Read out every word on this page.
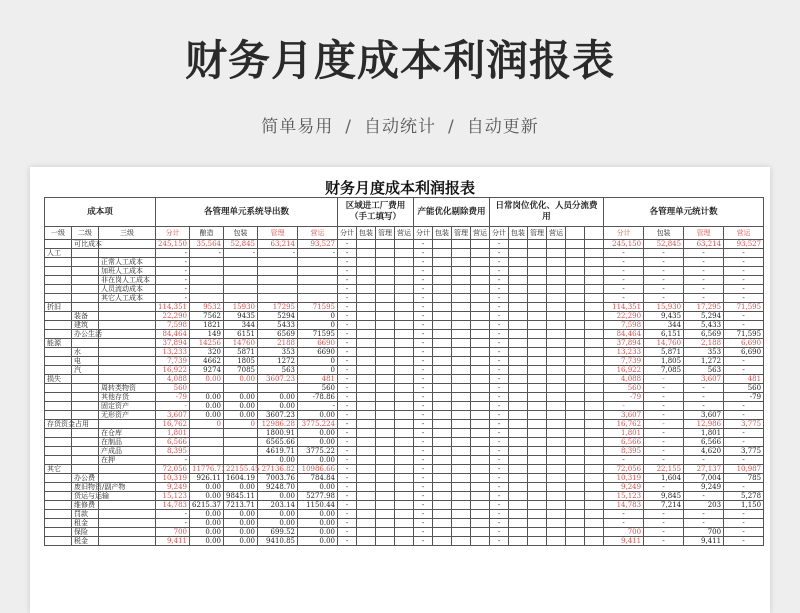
财务月度成本利润报表
简单易用 / 自动统计 / 自动更新
财务月度成本利润报表
成本项			各管理单元系统导出数					区域进工厂费用（手工填写）				产能优化剔除费用				日常岗位优化、人员分流费用						各管理单元统计数			
一级	二级	三级	分计	酿造	包装	管理	营运	分计	包装	管理	营运	分计	包装	管理	营运	分计	包装	管理	营运			分计	包装	管理	营运
	可比成本		245,150	35,564	52,845	63,214	93,527	-				-				-						245,150	52,845	63,214	93,527
人工			-	-	-	-	-	-				-				-						-	-	-	-
		正常人工成本	-					-				-				-						-	-	-	-
		加班人工成本	-					-				-				-						-	-	-	-
		非在岗人工成本	-					-				-				-						-	-	-	-
		人员流动成本	-					-				-				-						-	-	-	-
		其它人工成本	-					-				-				-						-	-	-	-
折旧			114,351	9532	15930	17295	71595	-				-				-						114,351	15,930	17,295	71,595
	装备		22,290	7562	9435	5294	0	-				-				-						22,290	9,435	5,294	-
	建筑		7,598	1821	344	5433	0	-				-				-						7,598	344	5,433	-
	办公生活		84,464	149	6151	6569	71595	-				-				-						84,464	6,151	6,569	71,595
能源			37,894	14256	14760	2188	6690	-				-				-						37,894	14,760	2,188	6,690
	水		13,233	320	5871	353	6690	-				-				-						13,233	5,871	353	6,690
	电		7,739	4662	1805	1272	0	-				-				-						7,739	1,805	1,272	-
	汽		16,922	9274	7085	563	0	-				-				-						16,922	7,085	563	-
损失			4,088	0.00	0.00	3607.23	481	-				-				-						4,088	-	3,607	481
		周转类物资	560				560	-				-				-						560	-	-	560
		其他存货	-79	0.00	0.00	0.00	-78.86	-				-				-						-79	-	-	-79
		固定资产	-	0.00	0.00	0.00	-	-				-				-						-	-	-	-
		无形资产	3,607	0.00	0.00	3607.23	0.00	-				-				-						3,607	-	3,607	-
存货资金占用			16,762	0	0	12986.28	3775.224	-				-				-						16,762	-	12,986	3,775
		在仓库	1,801			1800.91	0.00	-				-				-						1,801	-	1,801	-
		在制品	6,566			6565.66	0.00	-				-				-						6,566	-	6,566	-
		产成品	8,395			4619.71	3775.22	-				-				-						8,395	-	4,620	3,775
		在押	-			0.00	0.00	-				-				-						-	-	-	-
其它			72,056	11776.71	22155.45	27136.82	10986.66	-				-				-						72,056	22,155	27,137	10,987
	办公费		10,319	926.11	1604.19	7003.76	784.84	-				-				-						10,319	1,604	7,004	785
	废旧物资/副产物		9,249	0.00	0.00	9248.70	0.00	-				-				-						9,249	-	9,249	-
	货运与运输		15,123	0.00	9845.11	0.00	5277.98	-				-				-						15,123	9,845	-	5,278
	维修费		14,783	6215.37	7213.71	203.14	1150.44	-				-				-						14,783	7,214	203	1,150
	罚款		-	0.00	0.00	0.00	0.00	-				-				-						-	-	-	-
	租金		-	0.00	0.00	0.00	0.00	-				-				-						-	-	-	-
	保险		700	0.00	0.00	699.52	0.00	-				-				-						700	-	700	-
	税金		9,411	0.00	0.00	9410.85	0.00	-				-				-						9,411	-	9,411	-
